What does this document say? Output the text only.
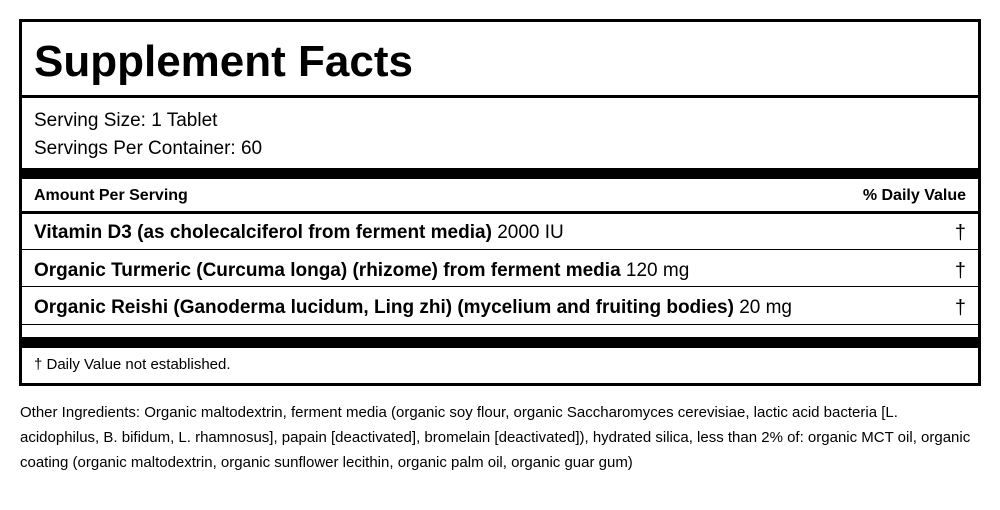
Supplement Facts
Serving Size: 1 Tablet
Servings Per Container: 60
Amount Per Serving	% Daily Value
Vitamin D3 (as cholecalciferol from ferment media) 2000 IU	†
Organic Turmeric (Curcuma longa) (rhizome) from ferment media 120 mg	†
Organic Reishi (Ganoderma lucidum, Ling zhi) (mycelium and fruiting bodies) 20 mg	†
† Daily Value not established.
Other Ingredients: Organic maltodextrin, ferment media (organic soy flour, organic Saccharomyces cerevisiae, lactic acid bacteria [L. acidophilus, B. bifidum, L. rhamnosus], papain [deactivated], bromelain [deactivated]), hydrated silica, less than 2% of: organic MCT oil, organic coating (organic maltodextrin, organic sunflower lecithin, organic palm oil, organic guar gum)
